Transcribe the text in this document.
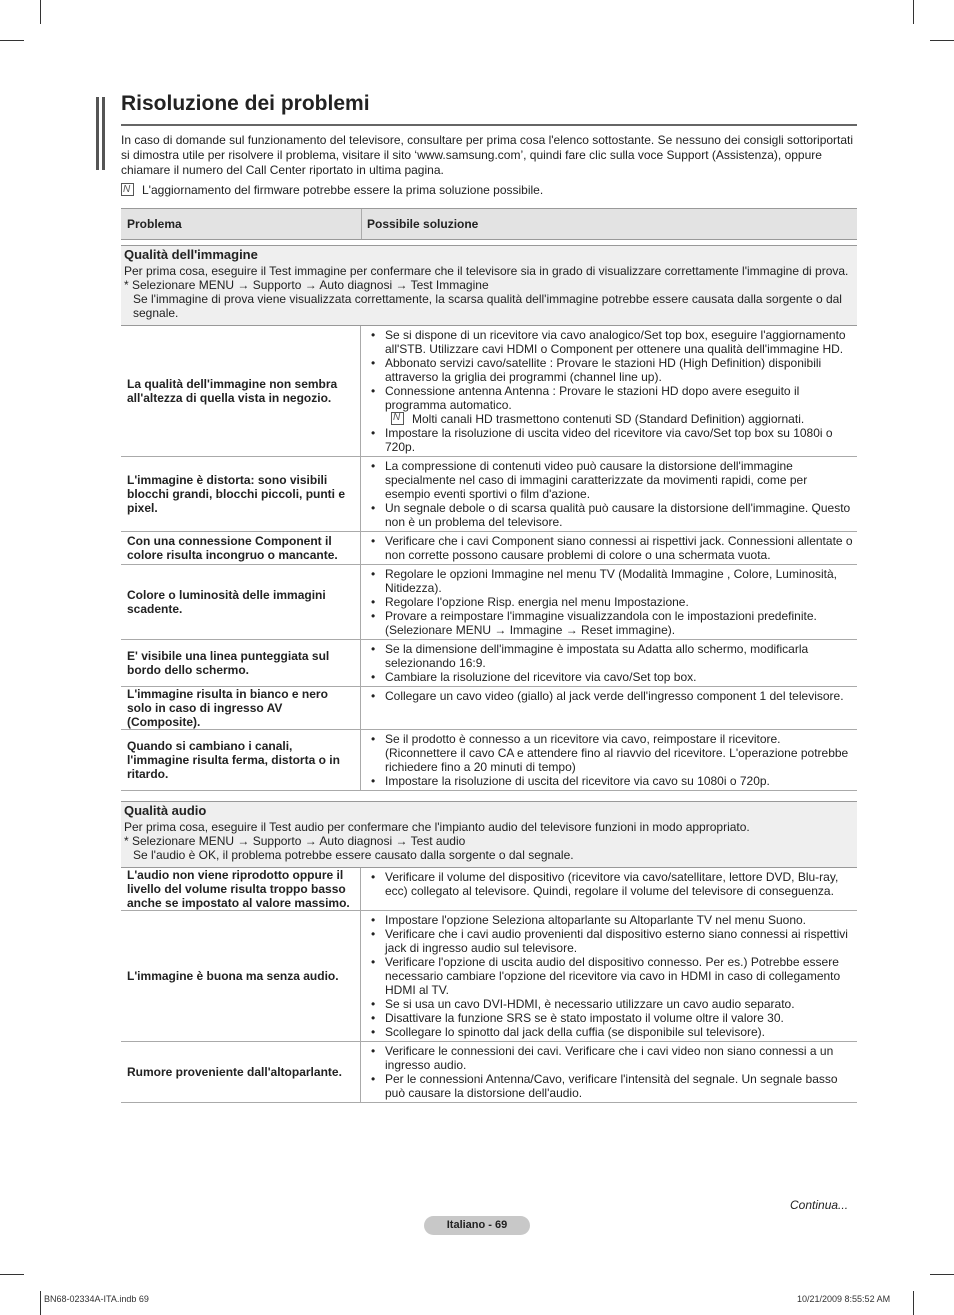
Risoluzione dei problemi
In caso di domande sul funzionamento del televisore, consultare per prima cosa l'elenco sottostante. Se nessuno dei consigli sottoriportati si dimostra utile per risolvere il problema, visitare il sito ‘www.samsung.com’, quindi fare clic sulla voce Support (Assistenza), oppure chiamare il numero del Call Center riportato in ultima pagina.
NL'aggiornamento del firmware potrebbe essere la prima soluzione possibile.
Problema	Possibile soluzione
Qualità dell'immagine
Per prima cosa, eseguire il Test immagine per confermare che il televisore sia in grado di visualizzare correttamente l'immagine di prova.
* Selezionare MENU → Supporto → Auto diagnosi → Test Immagine
Se l'immagine di prova viene visualizzata correttamente, la scarsa qualità dell'immagine potrebbe essere causata dalla sorgente o dal segnale.
La qualità dell'immagine non sembra all'altezza di quella vista in negozio.
• Se si dispone di un ricevitore via cavo analogico/Set top box, eseguire l'aggiornamento all'STB. Utilizzare cavi HDMI o Component per ottenere una qualità dell'immagine HD.
• Abbonato servizi cavo/satellite : Provare le stazioni HD (High Definition) disponibili attraverso la griglia dei programmi (channel line up).
• Connessione antenna Antenna : Provare le stazioni HD dopo avere eseguito il programma automatico.
NMolti canali HD trasmettono contenuti SD (Standard Definition) aggiornati.
• Impostare la risoluzione di uscita video del ricevitore via cavo/Set top box su 1080i o 720p.
L'immagine è distorta: sono visibili blocchi grandi, blocchi piccoli, punti e pixel.
• La compressione di contenuti video può causare la distorsione dell'immagine specialmente nel caso di immagini caratterizzate da movimenti rapidi, come per esempio eventi sportivi o film d'azione.
• Un segnale debole o di scarsa qualità può causare la distorsione dell'immagine. Questo non è un problema del televisore.
Con una connessione Component il colore risulta incongruo o mancante.
• Verificare che i cavi Component siano connessi ai rispettivi jack. Connessioni allentate o non corrette possono causare problemi di colore o una schermata vuota.
Colore o luminosità delle immagini scadente.
• Regolare le opzioni Immagine nel menu TV (Modalità Immagine , Colore, Luminosità, Nitidezza).
• Regolare l'opzione Risp. energia nel menu Impostazione.
• Provare a reimpostare l'immagine visualizzandola con le impostazioni predefinite. (Selezionare MENU → Immagine → Reset immagine).
E' visibile una linea punteggiata sul bordo dello schermo.
• Se la dimensione dell'immagine è impostata su Adatta allo schermo, modificarla selezionando 16:9.
• Cambiare la risoluzione del ricevitore via cavo/Set top box.
L'immagine risulta in bianco e nero solo in caso di ingresso AV (Composite).
• Collegare un cavo video (giallo) al jack verde dell'ingresso component 1 del televisore.
Quando si cambiano i canali, l'immagine risulta ferma, distorta o in ritardo.
• Se il prodotto è connesso a un ricevitore via cavo, reimpostare il ricevitore. (Riconnettere il cavo CA e attendere fino al riavvio del ricevitore. L'operazione potrebbe richiedere fino a 20 minuti di tempo)
• Impostare la risoluzione di uscita del ricevitore via cavo su 1080i o 720p.
Qualità audio
Per prima cosa, eseguire il Test audio per confermare che l'impianto audio del televisore funzioni in modo appropriato.
* Selezionare MENU → Supporto → Auto diagnosi → Test audio
Se l'audio è OK, il problema potrebbe essere causato dalla sorgente o dal segnale.
L'audio non viene riprodotto oppure il livello del volume risulta troppo basso anche se impostato al valore massimo.
• Verificare il volume del dispositivo (ricevitore via cavo/satellitare, lettore DVD, Blu-ray, ecc) collegato al televisore. Quindi, regolare il volume del televisore di conseguenza.
L'immagine è buona ma senza audio.
• Impostare l'opzione Seleziona altoparlante su Altoparlante TV nel menu Suono.
• Verificare che i cavi audio provenienti dal dispositivo esterno siano connessi ai rispettivi jack di ingresso audio sul televisore.
• Verificare l'opzione di uscita audio del dispositivo connesso. Per es.) Potrebbe essere necessario cambiare l'opzione del ricevitore via cavo in HDMI in caso di collegamento HDMI al TV.
• Se si usa un cavo DVI-HDMI, è necessario utilizzare un cavo audio separato.
• Disattivare la funzione SRS se è stato impostato il volume oltre il valore 30.
• Scollegare lo spinotto dal jack della cuffia (se disponibile sul televisore).
Rumore proveniente dall'altoparlante.
• Verificare le connessioni dei cavi. Verificare che i cavi video non siano connessi a un ingresso audio.
• Per le connessioni Antenna/Cavo, verificare l'intensità del segnale. Un segnale basso può causare la distorsione dell'audio.
Continua...
Italiano - 69
BN68-02334A-ITA.indb 69	10/21/2009 8:55:52 AM
